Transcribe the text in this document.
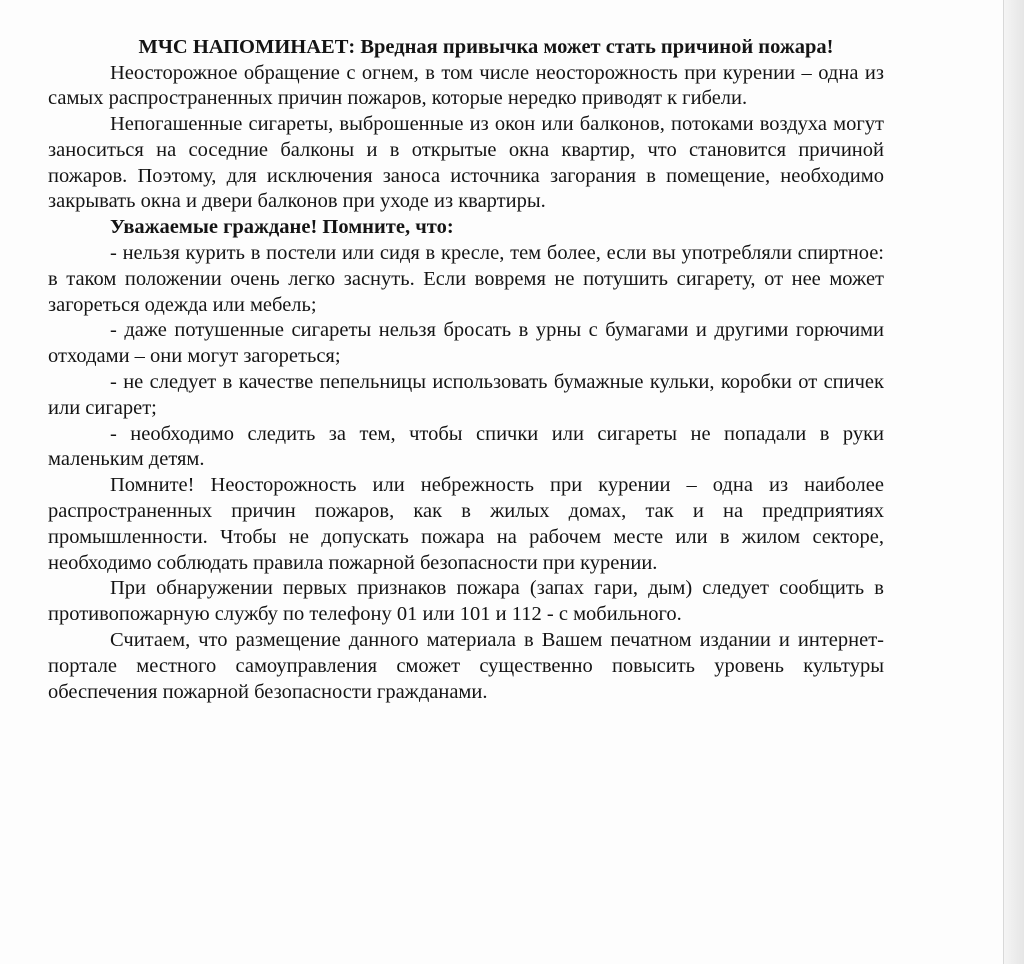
МЧС НАПОМИНАЕТ: Вредная привычка может стать причиной пожара!

Неосторожное обращение с огнем, в том числе неосторожность при курении – одна из самых распространенных причин пожаров, которые нередко приводят к гибели.

Непогашенные сигареты, выброшенные из окон или балконов, потоками воздуха могут заноситься на соседние балконы и в открытые окна квартир, что становится причиной пожаров. Поэтому, для исключения заноса источника загорания в помещение, необходимо закрывать окна и двери балконов при уходе из квартиры.

Уважаемые граждане! Помните, что:

- нельзя курить в постели или сидя в кресле, тем более, если вы употребляли спиртное: в таком положении очень легко заснуть. Если вовремя не потушить сигарету, от нее может загореться одежда или мебель;

- даже потушенные сигареты нельзя бросать в урны с бумагами и другими горючими отходами – они могут загореться;

- не следует в качестве пепельницы использовать бумажные кульки, коробки от спичек или сигарет;

- необходимо следить за тем, чтобы спички или сигареты не попадали в руки маленьким детям.

Помните! Неосторожность или небрежность при курении – одна из наиболее распространенных причин пожаров, как в жилых домах, так и на предприятиях промышленности. Чтобы не допускать пожара на рабочем месте или в жилом секторе, необходимо соблюдать правила пожарной безопасности при курении.

При обнаружении первых признаков пожара (запах гари, дым) следует сообщить в противопожарную службу по телефону 01 или 101 и 112 - с мобильного.

Считаем, что размещение данного материала в Вашем печатном издании и интернет-портале местного самоуправления сможет существенно повысить уровень культуры обеспечения пожарной безопасности гражданами.
